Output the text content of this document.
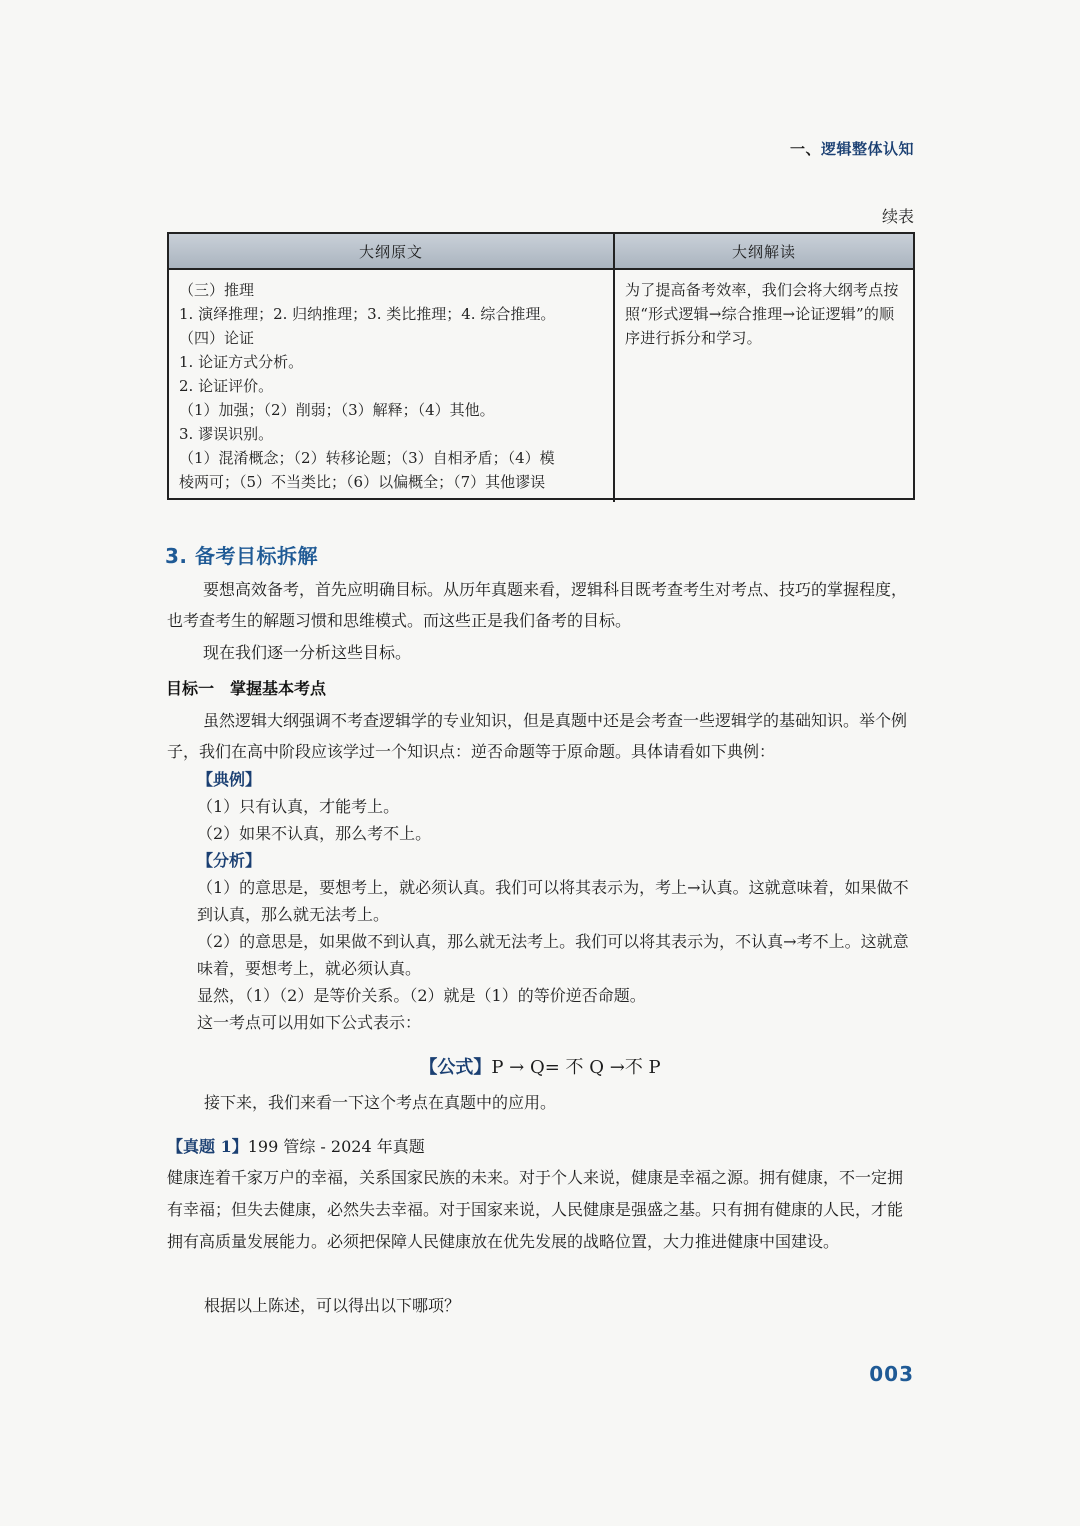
一、逻辑整体认知
续表
大纲原文	大纲解读
（三）推理
1. 演绎推理；2. 归纳推理；3. 类比推理；4. 综合推理。
（四）论证
1. 论证方式分析。
2. 论证评价。
（1）加强；（2）削弱；（3）解释；（4）其他。
3. 谬误识别。
（1）混淆概念；（2）转移论题；（3）自相矛盾；（4）模
棱两可；（5）不当类比；（6）以偏概全；（7）其他谬误
为了提高备考效率，我们会将大纲考点按照“形式逻辑→综合推理→论证逻辑”的顺序进行拆分和学习。
3. 备考目标拆解
要想高效备考，首先应明确目标。从历年真题来看，逻辑科目既考查考生对考点、技巧的掌握程度，也考查考生的解题习惯和思维模式。而这些正是我们备考的目标。
现在我们逐一分析这些目标。
目标一 掌握基本考点
虽然逻辑大纲强调不考查逻辑学的专业知识，但是真题中还是会考查一些逻辑学的基础知识。举个例子，我们在高中阶段应该学过一个知识点：逆否命题等于原命题。具体请看如下典例：
【典例】
（1）只有认真，才能考上。
（2）如果不认真，那么考不上。
【分析】
（1）的意思是，要想考上，就必须认真。我们可以将其表示为，考上→认真。这就意味着，如果做不到认真，那么就无法考上。
（2）的意思是，如果做不到认真，那么就无法考上。我们可以将其表示为，不认真→考不上。这就意味着，要想考上，就必须认真。
显然，（1）（2）是等价关系。（2）就是（1）的等价逆否命题。
这一考点可以用如下公式表示：
【公式】P → Q= 不 Q →不 P
接下来，我们来看一下这个考点在真题中的应用。
【真题 1】199 管综 - 2024 年真题
健康连着千家万户的幸福，关系国家民族的未来。对于个人来说，健康是幸福之源。拥有健康，不一定拥有幸福；但失去健康，必然失去幸福。对于国家来说，人民健康是强盛之基。只有拥有健康的人民，才能拥有高质量发展能力。必须把保障人民健康放在优先发展的战略位置，大力推进健康中国建设。
根据以上陈述，可以得出以下哪项？
003
